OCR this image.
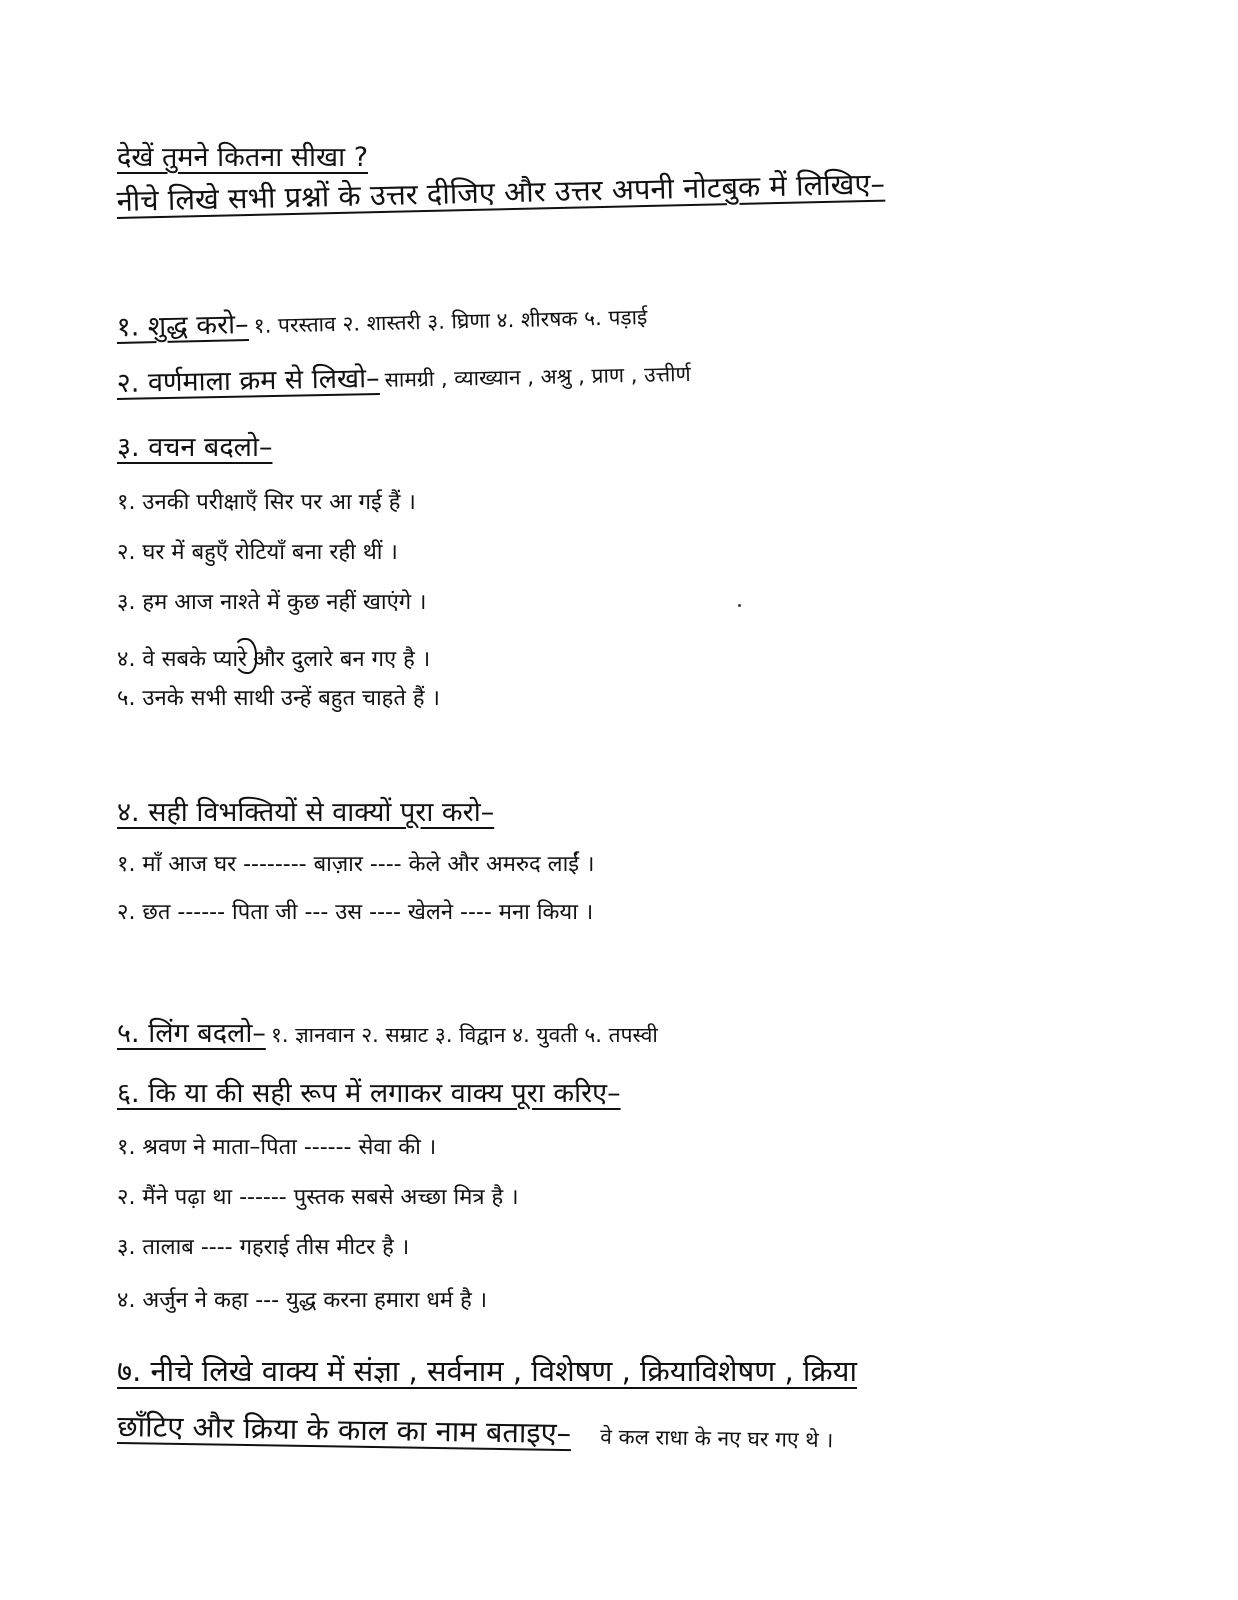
देखें तुमने कितना सीखा ?
नीचे लिखे सभी प्रश्नों के उत्तर दीजिए और उत्तर अपनी नोटबुक में लिखिए–
१. शुद्ध करो– १. परस्ताव २. शास्तरी ३. घ्रिणा ४. शीरषक ५. पड़ाई
२. वर्णमाला क्रम से लिखो– सामग्री , व्याख्यान , अश्रु , प्राण , उत्तीर्ण
३. वचन बदलो–
१. उनकी परीक्षाएँ सिर पर आ गई हैं ।
२. घर में बहुएँ रोटियाँ बना रही थीं ।
३. हम आज नाश्ते में कुछ नहीं खाएंगे ।
४. वे सबके प्यारे और दुलारे बन गए है ।
५. उनके सभी साथी उन्हें बहुत चाहते हैं ।
४. सही विभक्तियों से वाक्यों पूरा करो–
१. माँ आज घर -------- बाज़ार ---- केले और अमरुद लाईं ।
२. छत ------ पिता जी --- उस ---- खेलने ---- मना किया ।
५. लिंग बदलो– १. ज्ञानवान २. सम्राट ३. विद्वान ४. युवती ५. तपस्वी
६. कि या की सही रूप में लगाकर वाक्य पूरा करिए–
१. श्रवण ने माता–पिता ------ सेवा की ।
२. मैंने पढ़ा था ------ पुस्तक सबसे अच्छा मित्र है ।
३. तालाब ---- गहराई तीस मीटर है ।
४. अर्जुन ने कहा --- युद्ध करना हमारा धर्म है ।
७. नीचे लिखे वाक्य में संज्ञा , सर्वनाम , विशेषण , क्रियाविशेषण , क्रिया
छाँटिए और क्रिया के काल का नाम बताइए– वे कल राधा के नए घर गए थे ।
